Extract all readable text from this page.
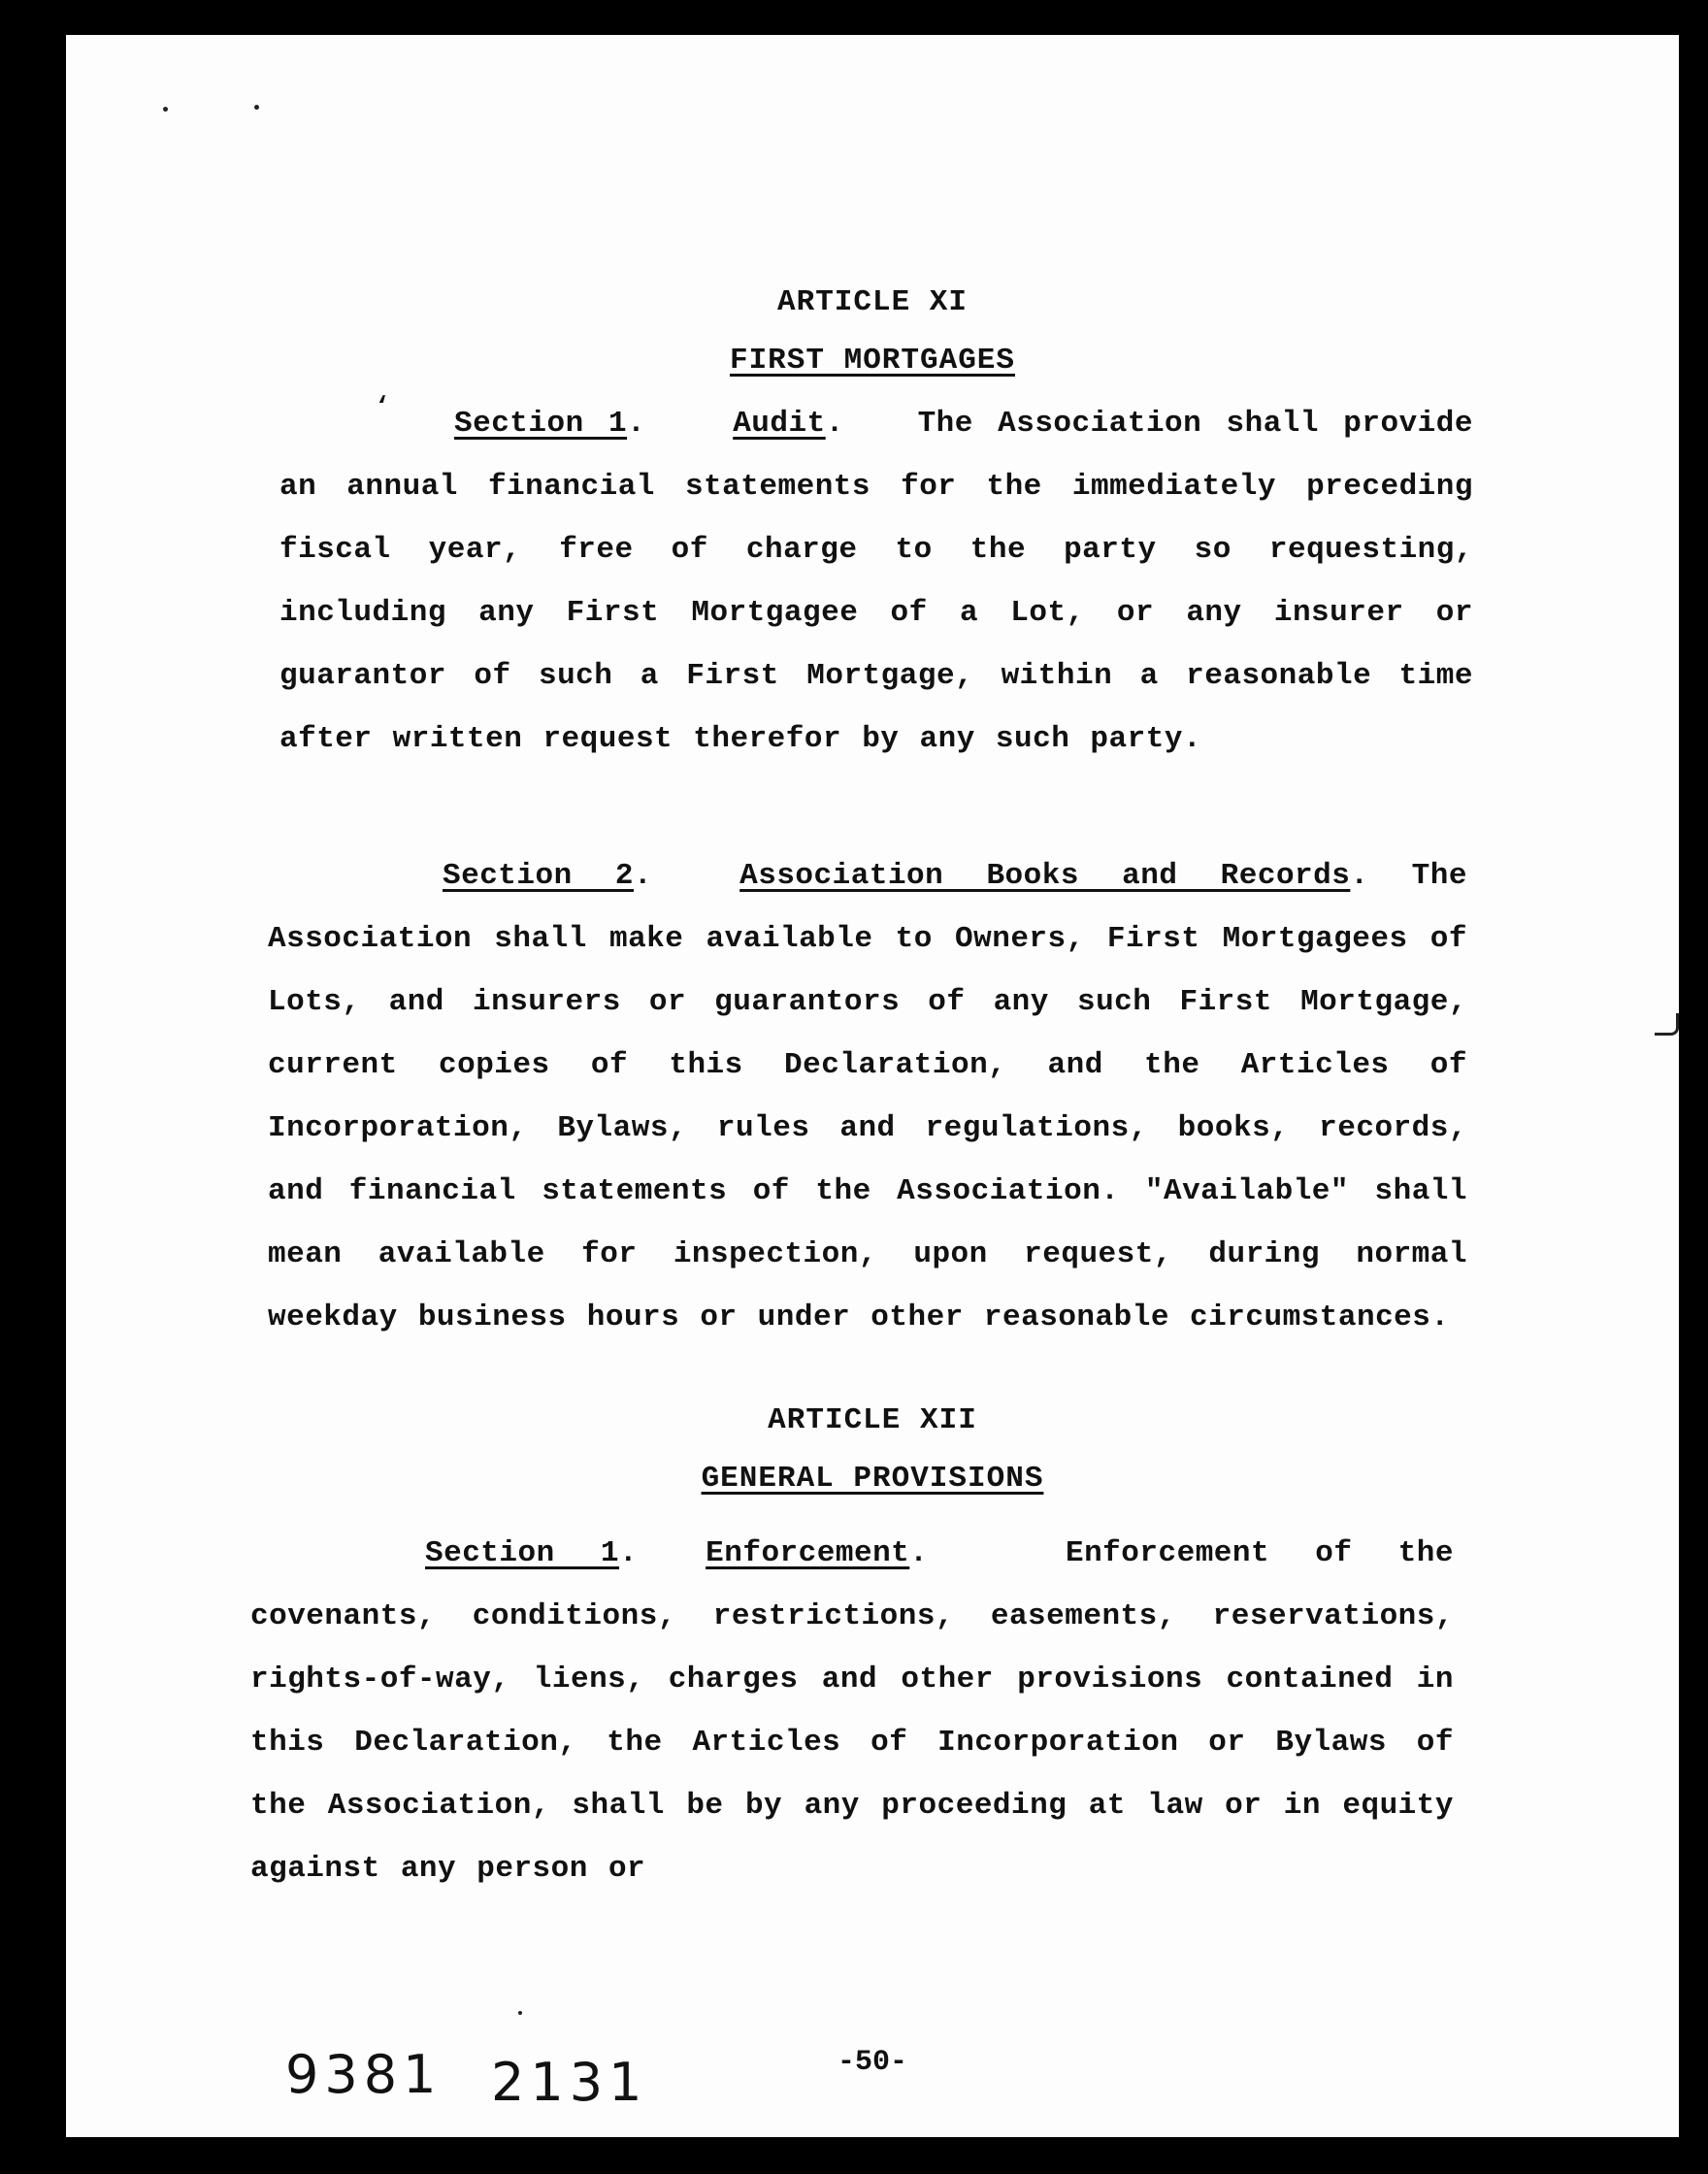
ARTICLE XI
FIRST MORTGAGES
‘	Section 1.	Audit.   The Association shall provide an annual financial statements for the immediately preceding fiscal year, free of charge to the party so requesting, including any First Mortgagee of a Lot, or any insurer or guarantor of such a First Mortgage, within a reasonable time after written request therefor by any such party.
Section 2.	Association Books and Records. The Association shall make available to Owners, First Mortgagees of Lots, and insurers or guarantors of any such First Mortgage, current copies of this Declaration, and the Articles of Incorporation, Bylaws, rules and regulations, books, records, and financial statements of the Association. "Available" shall mean available for inspection, upon request, during normal weekday business hours or under other reasonable circumstances.
ARTICLE XII
GENERAL PROVISIONS
Section 1. Enforcement.   Enforcement of the covenants, conditions, restrictions, easements, reservations, rights-of-way, liens, charges and other provisions contained in this Declaration, the Articles of Incorporation or Bylaws of the Association, shall be by any proceeding at law or in equity against any person or
9381 2131	-50-
